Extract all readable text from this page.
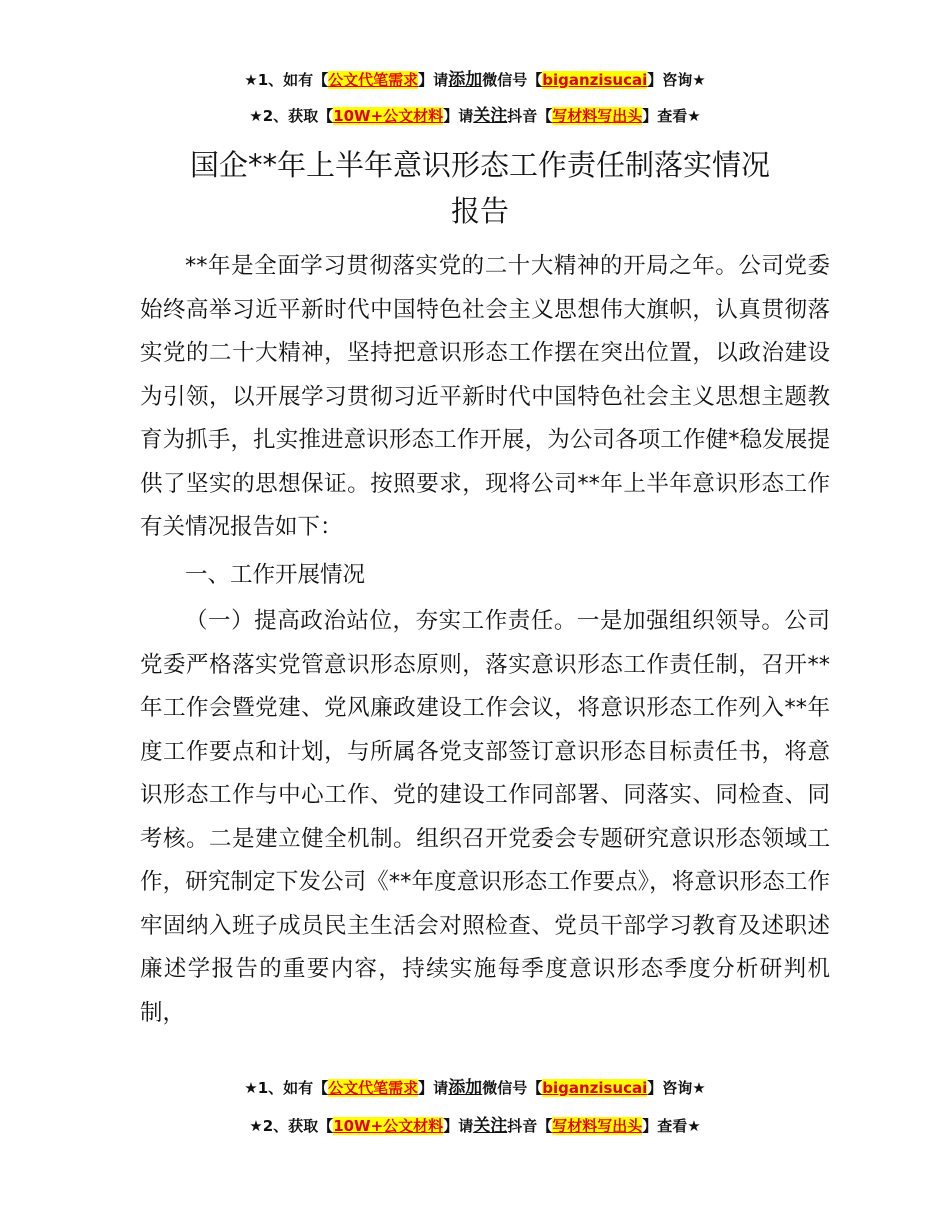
★1、如有【公文代笔需求】请添加微信号【biganzisucai】咨询★
★2、获取【10W+公文材料】请关注抖音【写材料写出头】查看★
国企**年上半年意识形态工作责任制落实情况
报告

**年是全面学习贯彻落实党的二十大精神的开局之年。公司党委始终高举习近平新时代中国特色社会主义思想伟大旗帜，认真贯彻落实党的二十大精神，坚持把意识形态工作摆在突出位置，以政治建设为引领，以开展学习贯彻习近平新时代中国特色社会主义思想主题教育为抓手，扎实推进意识形态工作开展，为公司各项工作健*稳发展提供了坚实的思想保证。按照要求，现将公司**年上半年意识形态工作有关情况报告如下：

一、工作开展情况

（一）提高政治站位，夯实工作责任。一是加强组织领导。公司党委严格落实党管意识形态原则，落实意识形态工作责任制，召开**年工作会暨党建、党风廉政建设工作会议，将意识形态工作列入**年度工作要点和计划，与所属各党支部签订意识形态目标责任书，将意识形态工作与中心工作、党的建设工作同部署、同落实、同检查、同考核。二是建立健全机制。组织召开党委会专题研究意识形态领域工作，研究制定下发公司《**年度意识形态工作要点》，将意识形态工作牢固纳入班子成员民主生活会对照检查、党员干部学习教育及述职述廉述学报告的重要内容，持续实施每季度意识形态季度分析研判机制，

★1、如有【公文代笔需求】请添加微信号【biganzisucai】咨询★
★2、获取【10W+公文材料】请关注抖音【写材料写出头】查看★
